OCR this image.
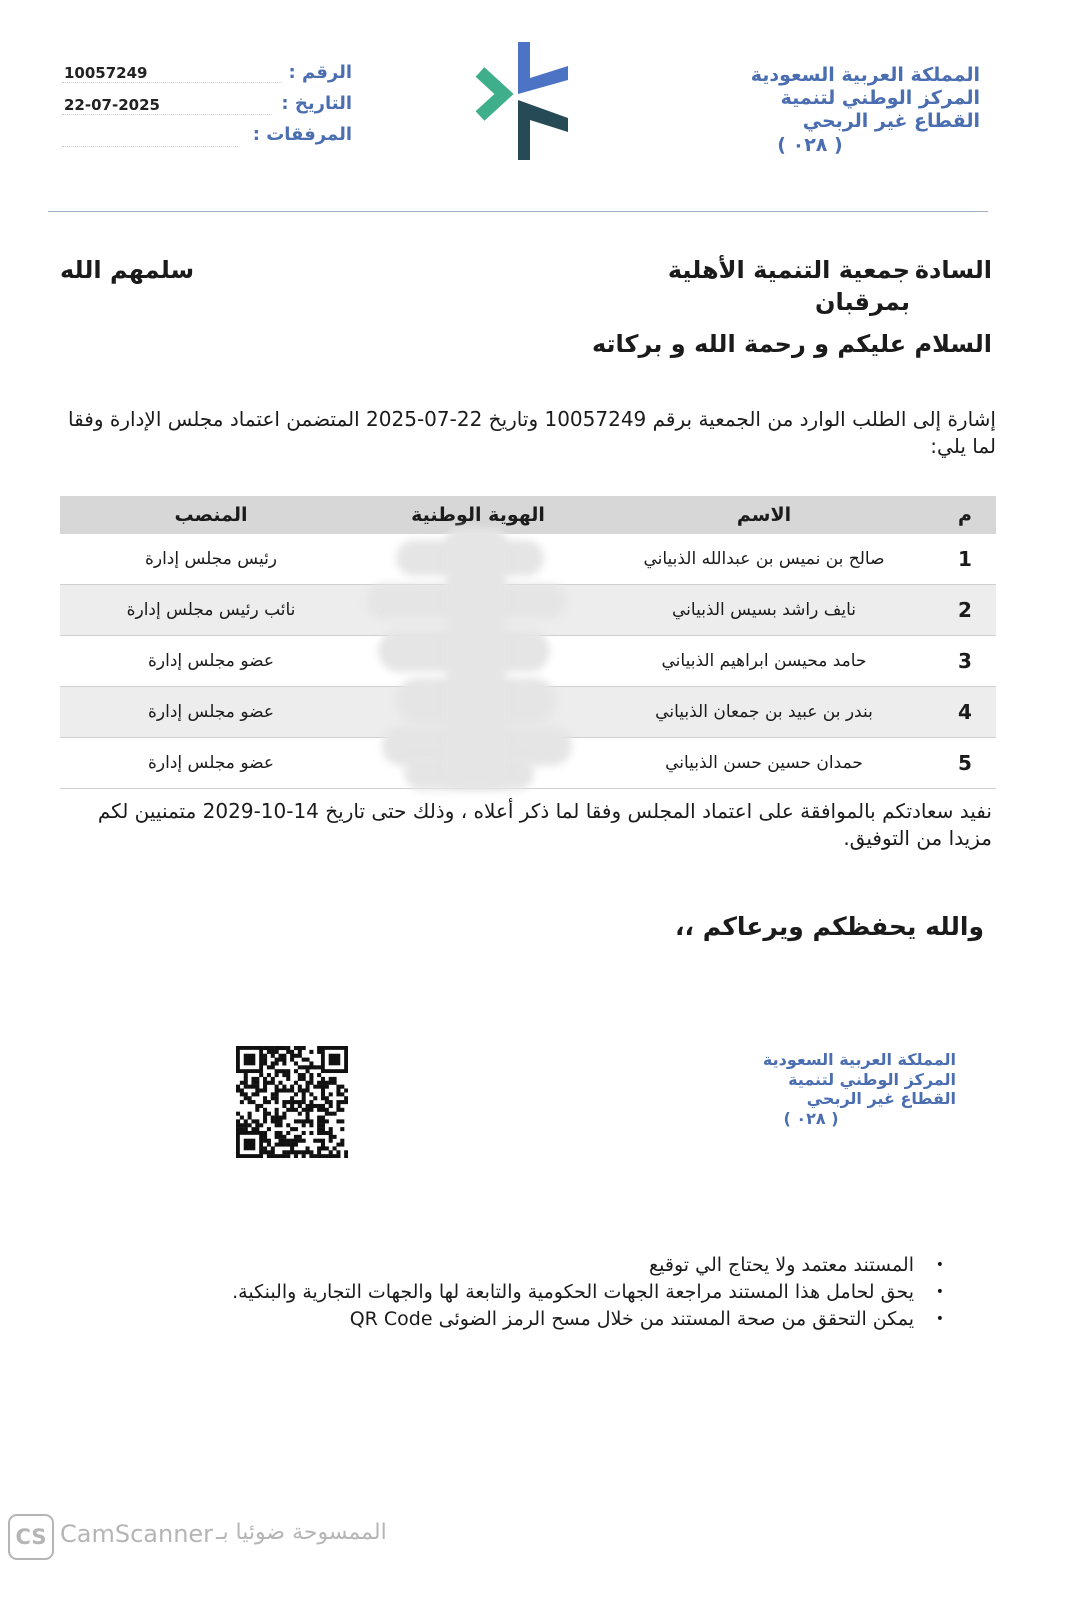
المملكة العربية السعودية
المركز الوطني لتنمية
القطاع غير الربحي
( ٠٢٨ )
10057249	الرقم :
22-07-2025	التاريخ :
المرفقات :
السادة
جمعية التنمية الأهلية
بمرقبان
سلمهم الله
السلام عليكم و رحمة الله و بركاته
إشارة إلى الطلب الوارد من الجمعية برقم 10057249 وتاريخ 22-07-2025 المتضمن اعتماد مجلس الإدارة وفقا لما يلي:
م	الاسم	الهوية الوطنية	المنصب
1	صالح بن نميس بن عبدالله الذبياني		رئيس مجلس إدارة
2	نايف راشد بسيس الذبياني		نائب رئيس مجلس إدارة
3	حامد محيسن ابراهيم الذبياني		عضو مجلس إدارة
4	بندر بن عبيد بن جمعان الذبياني		عضو مجلس إدارة
5	حمدان حسين حسن الذبياني		عضو مجلس إدارة
نفيد سعادتكم بالموافقة على اعتماد المجلس وفقا لما ذكر أعلاه ، وذلك حتى تاريخ 14-10-2029 متمنيين لكم مزيدا من التوفيق.
والله يحفظكم ويرعاكم ،،
المملكة العربية السعودية
المركز الوطني لتنمية
القطاع غير الربحي
( ٠٢٨ )
• المستند معتمد ولا يحتاج الي توقيع
• يحق لحامل هذا المستند مراجعة الجهات الحكومية والتابعة لها والجهات التجارية والبنكية.
• يمكن التحقق من صحة المستند من خلال مسح الرمز الضوئى QR Code
CS CamScanner الممسوحة ضوئيا بـ
